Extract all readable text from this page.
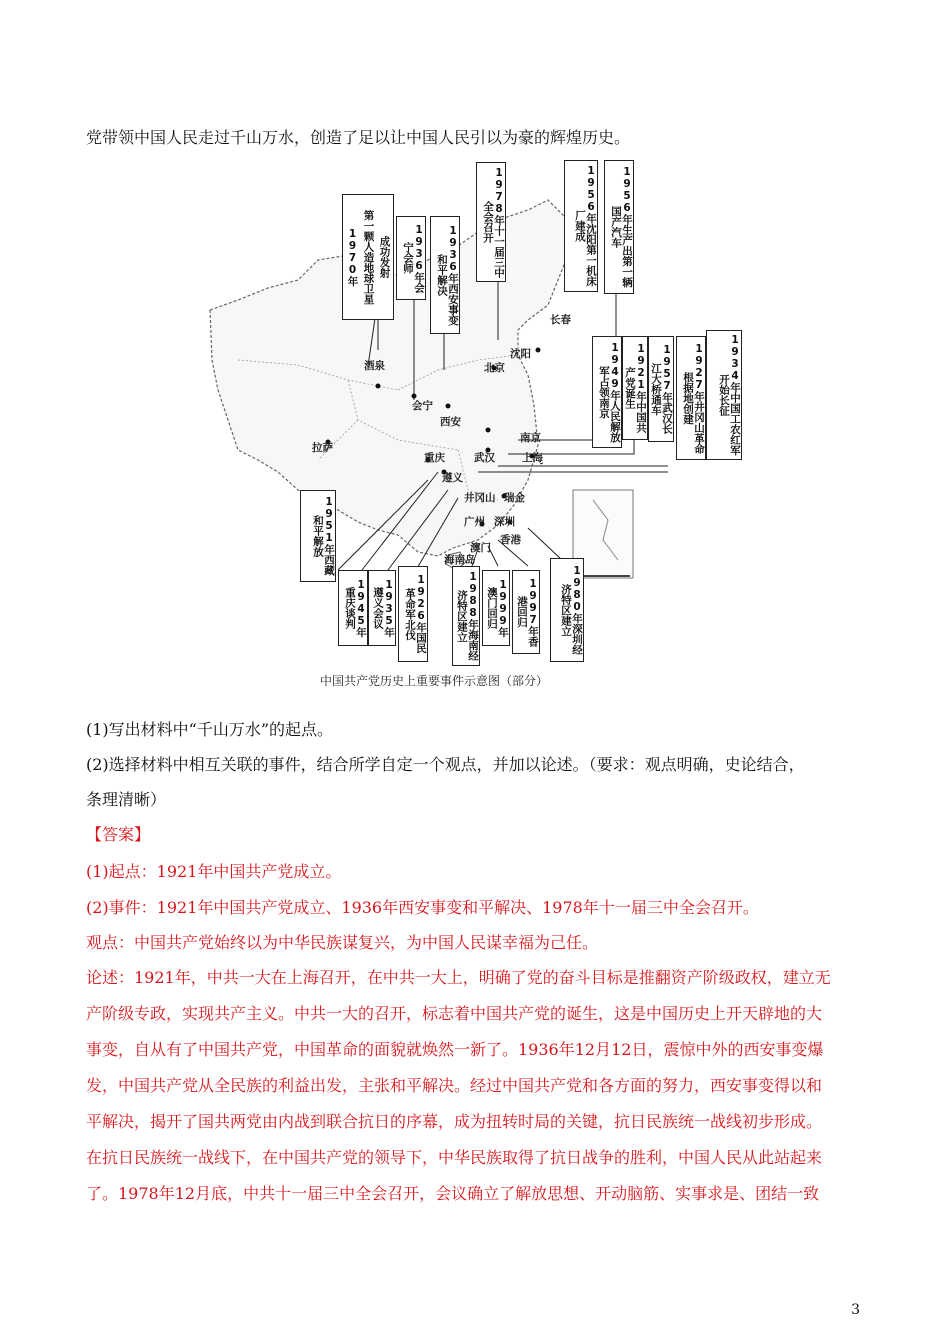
党带领中国人民走过千山万水，创造了足以让中国人民引以为豪的辉煌历史。
长春
沈阳
北京
酒泉
会宁
西安
南京
拉萨
重庆	武汉	上海
遵义
井冈山 瑞金
广州 深圳
澳门
香港
海南岛
成功发射
第一颗人造地球卫星
1970年	1936年会宁会师	1936年西安事变和平解决	1978年十一届三中全会召开	1956年沈阳第一机床厂建成	1956年生产出第一辆国产汽车
1949年人民解放军占领南京	1921年中国共产党诞生	1957年武汉长江大桥通车	1927年井冈山革命根据地创建	1934年中国工农红军开始长征
1951年西藏和平解放
1945年重庆谈判	1935年遵义会议	1926年国民革命军北伐	1988年海南经济特区建立	1999年澳门回归	1997年香港回归	1980年深圳经济特区建立
中国共产党历史上重要事件示意图（部分）
(1)写出材料中“千山万水”的起点。
(2)选择材料中相互关联的事件，结合所学自定一个观点，并加以论述。（要求：观点明确，史论结合，
条理清晰）
【答案】
(1)起点：1921年中国共产党成立。
(2)事件：1921年中国共产党成立、1936年西安事变和平解决、1978年十一届三中全会召开。
观点：中国共产党始终以为中华民族谋复兴，为中国人民谋幸福为己任。
论述：1921年，中共一大在上海召开，在中共一大上，明确了党的奋斗目标是推翻资产阶级政权，建立无
产阶级专政，实现共产主义。中共一大的召开，标志着中国共产党的诞生，这是中国历史上开天辟地的大
事变，自从有了中国共产党，中国革命的面貌就焕然一新了。1936年12月12日，震惊中外的西安事变爆
发，中国共产党从全民族的利益出发，主张和平解决。经过中国共产党和各方面的努力，西安事变得以和
平解决，揭开了国共两党由内战到联合抗日的序幕，成为扭转时局的关键，抗日民族统一战线初步形成。
在抗日民族统一战线下，在中国共产党的领导下，中华民族取得了抗日战争的胜利，中国人民从此站起来
了。1978年12月底，中共十一届三中全会召开，会议确立了解放思想、开动脑筋、实事求是、团结一致
3
